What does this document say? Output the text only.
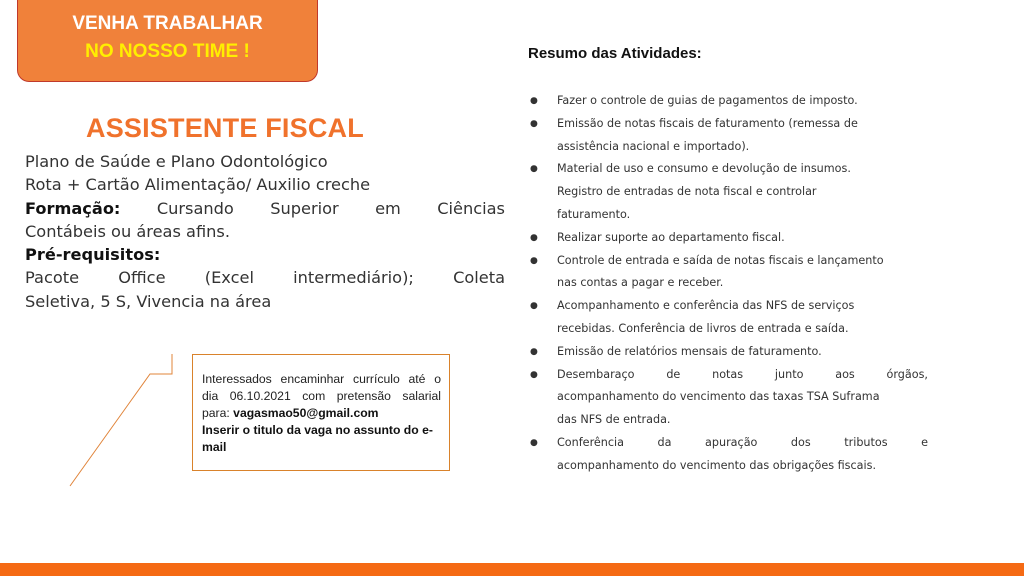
VENHA TRABALHAR
NO NOSSO TIME !
ASSISTENTE FISCAL
Plano de Saúde e Plano Odontológico
Rota + Cartão Alimentação/ Auxilio creche
Formação: Cursando Superior em Ciências
Contábeis ou áreas afins.
Pré-requisitos:
Pacote Office (Excel intermediário); Coleta
Seletiva, 5 S, Vivencia na área
Interessados encaminhar currículo até o
dia 06.10.2021 com pretensão salarial
para: vagasmao50@gmail.com
Inserir o titulo da vaga no assunto do e-
mail
Resumo das Atividades:
● Fazer o controle de guias de pagamentos de imposto.
● Emissão de notas fiscais de faturamento (remessa de
assistência nacional e importado).
● Material de uso e consumo e devolução de insumos.
Registro de entradas de nota fiscal e controlar
faturamento.
● Realizar suporte ao departamento fiscal.
● Controle de entrada e saída de notas fiscais e lançamento
nas contas a pagar e receber.
● Acompanhamento e conferência das NFS de serviços
recebidas. Conferência de livros de entrada e saída.
● Emissão de relatórios mensais de faturamento.
● Desembaraço de notas junto aos órgãos,
acompanhamento do vencimento das taxas TSA Suframa
das NFS de entrada.
● Conferência da apuração dos tributos e
acompanhamento do vencimento das obrigações fiscais.
